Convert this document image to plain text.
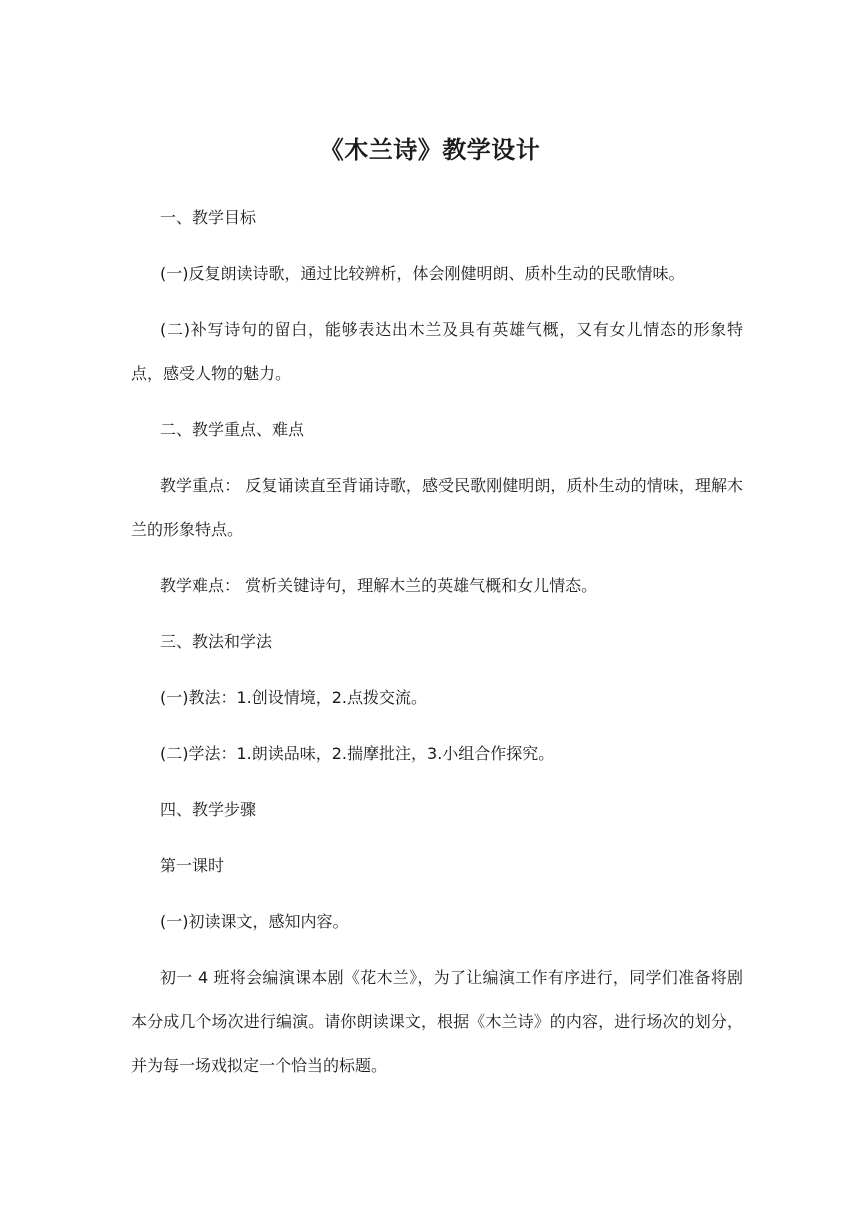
《木兰诗》教学设计

一、教学目标

(一)反复朗读诗歌，通过比较辨析，体会刚健明朗、质朴生动的民歌情味。

(二)补写诗句的留白，能够表达出木兰及具有英雄气概，又有女儿情态的形象特点，感受人物的魅力。

二、教学重点、难点

教学重点： 反复诵读直至背诵诗歌，感受民歌刚健明朗，质朴生动的情味，理解木兰的形象特点。

教学难点： 赏析关键诗句，理解木兰的英雄气概和女儿情态。

三、教法和学法

(一)教法：1.创设情境，2.点拨交流。

(二)学法：1.朗读品味，2.揣摩批注，3.小组合作探究。

四、教学步骤

第一课时

(一)初读课文，感知内容。

初一 4 班将会编演课本剧《花木兰》，为了让编演工作有序进行，同学们准备将剧本分成几个场次进行编演。请你朗读课文，根据《木兰诗》的内容，进行场次的划分，并为每一场戏拟定一个恰当的标题。
